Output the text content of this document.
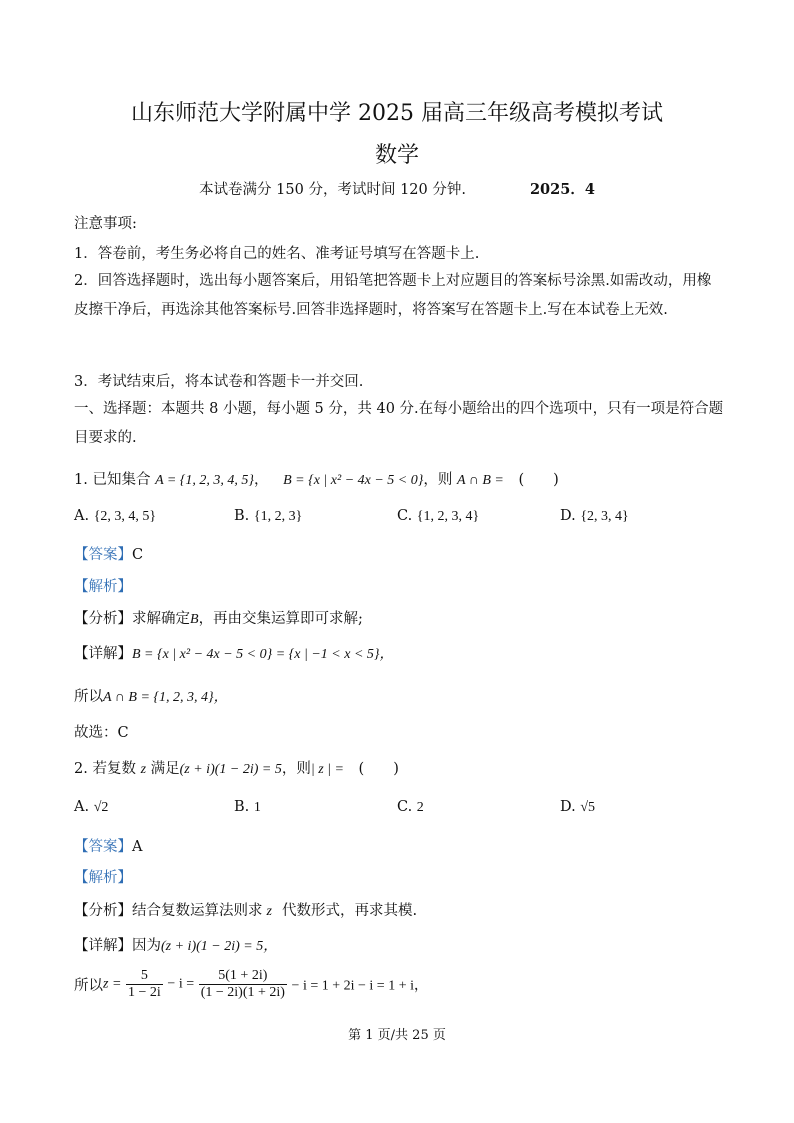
山东师范大学附属中学 2025 届高三年级高考模拟考试
数学
本试卷满分 150 分，考试时间 120 分钟.	2025．4
注意事项:
1．答卷前，考生务必将自己的姓名、准考证号填写在答题卡上.
2．回答选择题时，选出每小题答案后，用铅笔把答题卡上对应题目的答案标号涂黑.如需改动，用橡皮擦干净后，再选涂其他答案标号.回答非选择题时，将答案写在答题卡上.写在本试卷上无效.
3．考试结束后，将本试卷和答题卡一并交回.
一、选择题：本题共 8 小题，每小题 5 分，共 40 分.在每小题给出的四个选项中，只有一项是符合题目要求的.
1. 已知集合 A = {1, 2, 3, 4, 5}， B = {x | x² − 4x − 5 < 0}，则 A ∩ B = (　　)
A. {2, 3, 4, 5}	B. {1, 2, 3}	C. {1, 2, 3, 4}	D. {2, 3, 4}
【答案】C
【解析】
【分析】求解确定B，再由交集运算即可求解;
【详解】B = {x | x² − 4x − 5 < 0} = {x | −1 < x < 5}，
所以A ∩ B = {1, 2, 3, 4}，
故选：C
2. 若复数 z 满足(z + i)(1 − 2i) = 5，则| z | = (　　)
A. √2	B. 1	C. 2	D. √5
【答案】A
【解析】
【分析】结合复数运算法则求 z 代数形式，再求其模.
【详解】因为(z + i)(1 − 2i) = 5，
所以$z = \frac{5}{1 - 2i} - i = \frac{5(1 + 2i)}{(1 - 2i)(1 + 2i)} - i = 1 + 2i - i = 1 + i$，
第 1 页/共 25 页
